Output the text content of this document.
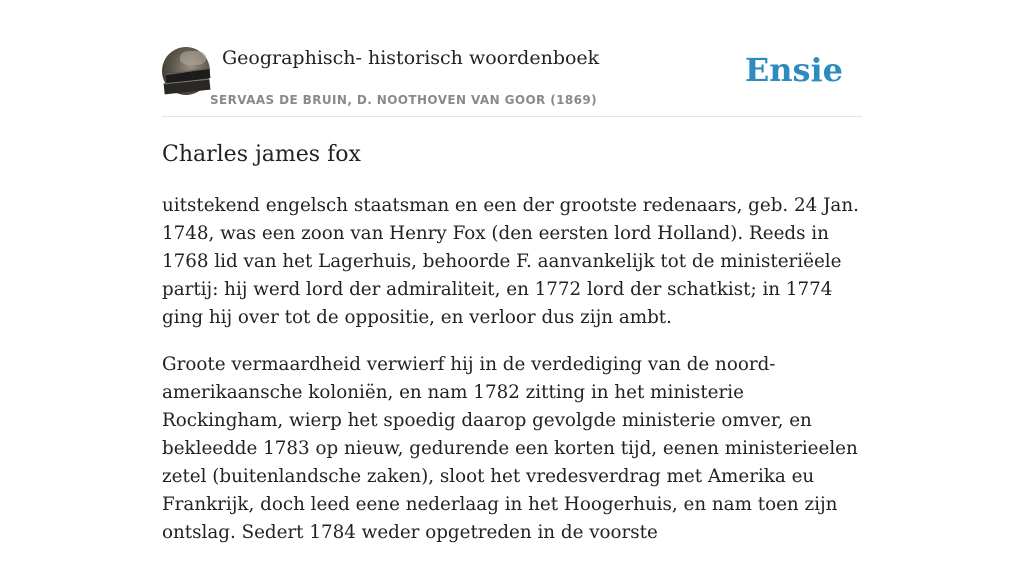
Geographisch- historisch woordenboek
SERVAAS DE BRUIN, D. NOOTHOVEN VAN GOOR (1869)
Ensie
Charles james fox

uitstekend engelsch staatsman en een der grootste redenaars, geb. 24 Jan. 1748, was een zoon van Henry Fox (den eersten lord Holland). Reeds in 1768 lid van het Lagerhuis, behoorde F. aanvankelijk tot de ministeriëele partij: hij werd lord der admiraliteit, en 1772 lord der schatkist; in 1774 ging hij over tot de oppositie, en verloor dus zijn ambt.

Groote vermaardheid verwierf hij in de verdediging van de noord-amerikaansche koloniën, en nam 1782 zitting in het ministerie Rockingham, wierp het spoedig daarop gevolgde ministerie omver, en bekleedde 1783 op nieuw, gedurende een korten tijd, eenen ministerieelen zetel (buitenlandsche zaken), sloot het vredesverdrag met Amerika eu Frankrijk, doch leed eene nederlaag in het Hoogerhuis, en nam toen zijn ontslag. Sedert 1784 weder opgetreden in de voorste
